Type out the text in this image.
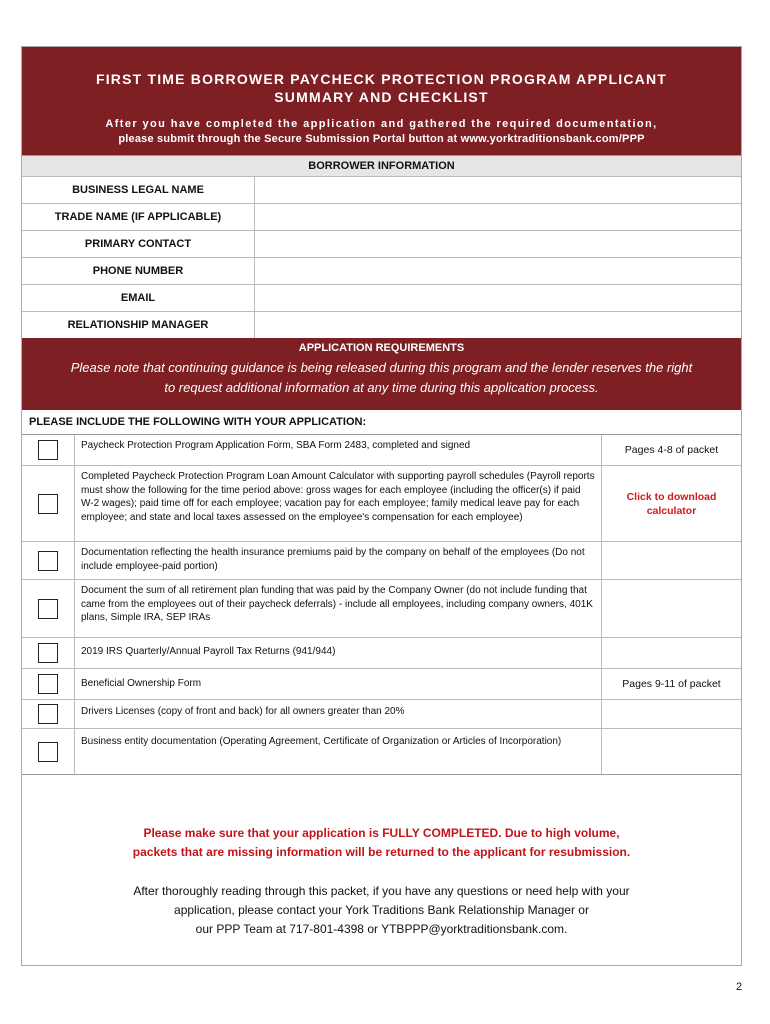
FIRST TIME BORROWER PAYCHECK PROTECTION PROGRAM APPLICANT
SUMMARY AND CHECKLIST
After you have completed the application and gathered the required documentation,
please submit through the Secure Submission Portal button at www.yorktraditionsbank.com/PPP
BORROWER INFORMATION
BUSINESS LEGAL NAME
TRADE NAME (IF APPLICABLE)
PRIMARY CONTACT
PHONE NUMBER
EMAIL
RELATIONSHIP MANAGER
APPLICATION REQUIREMENTS
Please note that continuing guidance is being released during this program and the lender reserves the right
to request additional information at any time during this application process.
PLEASE INCLUDE THE FOLLOWING WITH YOUR APPLICATION:
Paycheck Protection Program Application Form, SBA Form 2483, completed and signed	Pages 4-8 of packet
Completed Paycheck Protection Program Loan Amount Calculator with supporting payroll schedules (Payroll reports must show the following for the time period above: gross wages for each employee (including the officer(s) if paid W-2 wages); paid time off for each employee; vacation pay for each employee; family medical leave pay for each employee; and state and local taxes assessed on the employee's compensation for each employee)
Click to download calculator
Documentation reflecting the health insurance premiums paid by the company on behalf of the employees (Do not include employee-paid portion)
Document the sum of all retirement plan funding that was paid by the Company Owner (do not include funding that came from the employees out of their paycheck deferrals) - include all employees, including company owners, 401K plans, Simple IRA, SEP IRAs
2019 IRS Quarterly/Annual Payroll Tax Returns (941/944)
Beneficial Ownership Form	Pages 9-11 of packet
Drivers Licenses (copy of front and back) for all owners greater than 20%
Business entity documentation (Operating Agreement, Certificate of Organization or Articles of Incorporation)
Please make sure that your application is FULLY COMPLETED. Due to high volume,
packets that are missing information will be returned to the applicant for resubmission.
After thoroughly reading through this packet, if you have any questions or need help with your
application, please contact your York Traditions Bank Relationship Manager or
our PPP Team at 717-801-4398 or YTBPPP@yorktraditionsbank.com.
2
